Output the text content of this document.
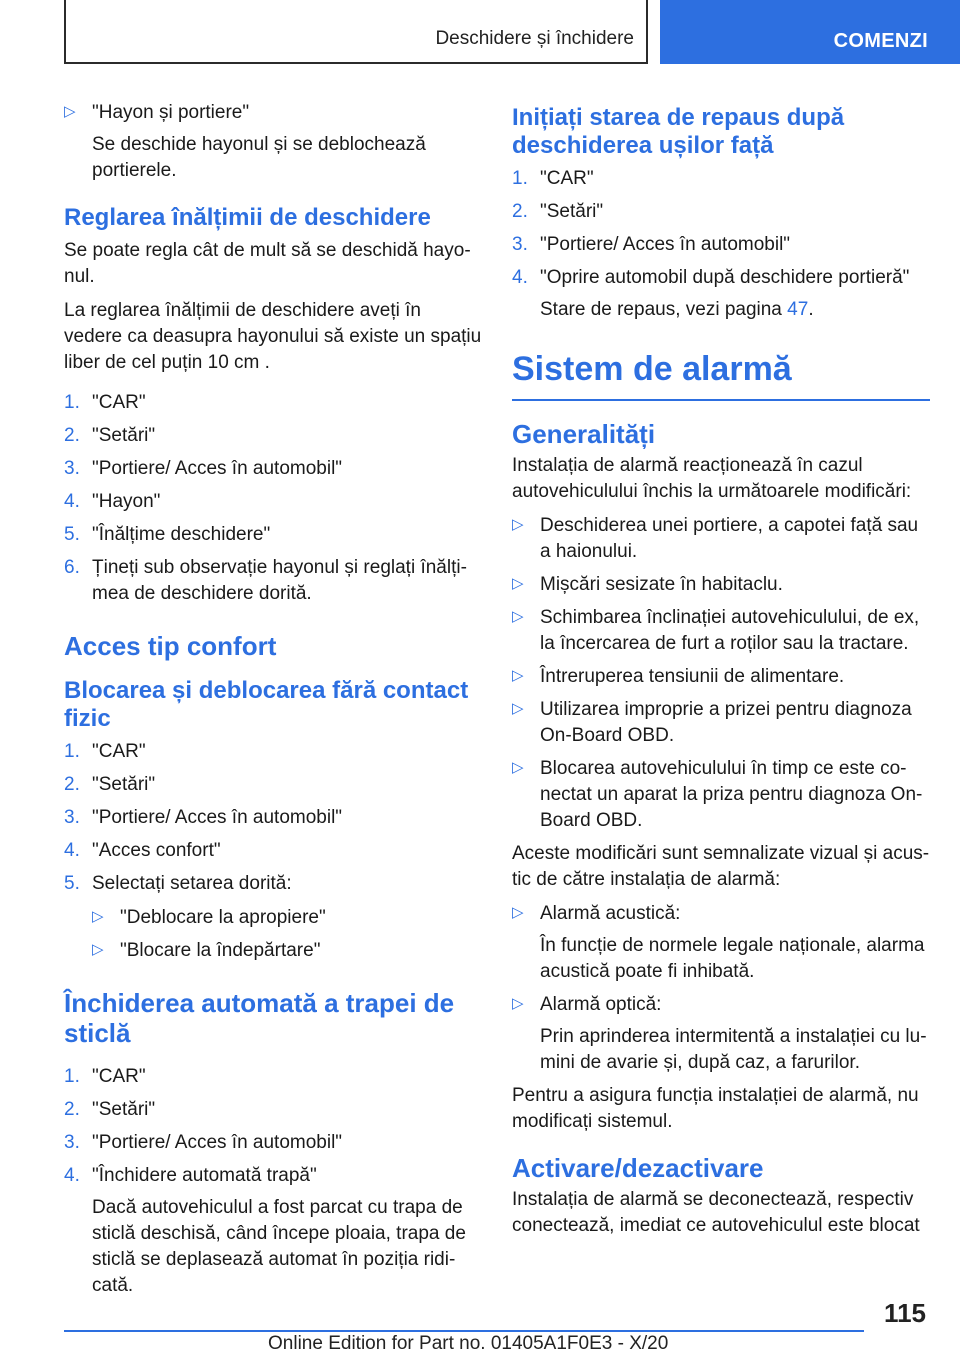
Deschidere și închidere	COMENZI
▷ "Hayon și portiere"
Se deschide hayonul și se deblochează portierele.
Reglarea înălțimii de deschidere

Se poate regla cât de mult să se deschidă hayonul.

La reglarea înălțimii de deschidere aveți în vedere ca deasupra hayonului să existe un spațiu liber de cel puțin 10 cm .

1. "CAR"
2. "Setări"
3. "Portiere/ Acces în automobil"
4. "Hayon"
5. "Înălțime deschidere"
6. Țineți sub observație hayonul și reglați înălțimea de deschidere dorită.
Acces tip confort
Blocarea și deblocarea fără contact fizic
1. "CAR"
2. "Setări"
3. "Portiere/ Acces în automobil"
4. "Acces confort"
5. Selectați setarea dorită:
▷ "Deblocare la apropiere"
▷ "Blocare la îndepărtare"
Închiderea automată a trapei de sticlă
1. "CAR"
2. "Setări"
3. "Portiere/ Acces în automobil"
4. "Închidere automată trapă"
Dacă autovehiculul a fost parcat cu trapa de sticlă deschisă, când începe ploaia, trapa de sticlă se deplasează automat în poziția ridicată.
Inițiați starea de repaus după deschiderea ușilor față
1. "CAR"
2. "Setări"
3. "Portiere/ Acces în automobil"
4. "Oprire automobil după deschidere portieră"
Stare de repaus, vezi pagina 47.
Sistem de alarmă
Generalități

Instalația de alarmă reacționează în cazul autovehiculului închis la următoarele modificări:

▷ Deschiderea unei portiere, a capotei față sau a haionului.
▷ Mișcări sesizate în habitaclu.
▷ Schimbarea înclinației autovehiculului, de ex, la încercarea de furt a roților sau la tractare.
▷ Întreruperea tensiunii de alimentare.
▷ Utilizarea improprie a prizei pentru diagnoza On-Board OBD.
▷ Blocarea autovehiculului în timp ce este conectat un aparat la priza pentru diagnoza On-Board OBD.

Aceste modificări sunt semnalizate vizual și acustic de către instalația de alarmă:

▷ Alarmă acustică:
În funcție de normele legale naționale, alarma acustică poate fi inhibată.
▷ Alarmă optică:
Prin aprinderea intermitentă a instalației cu lumini de avarie și, după caz, a farurilor.

Pentru a asigura funcția instalației de alarmă, nu modificați sistemul.

Activare/dezactivare

Instalația de alarmă se deconectează, respectiv conectează, imediat ce autovehiculul este blocat

115
Online Edition for Part no. 01405A1F0E3 - X/20
